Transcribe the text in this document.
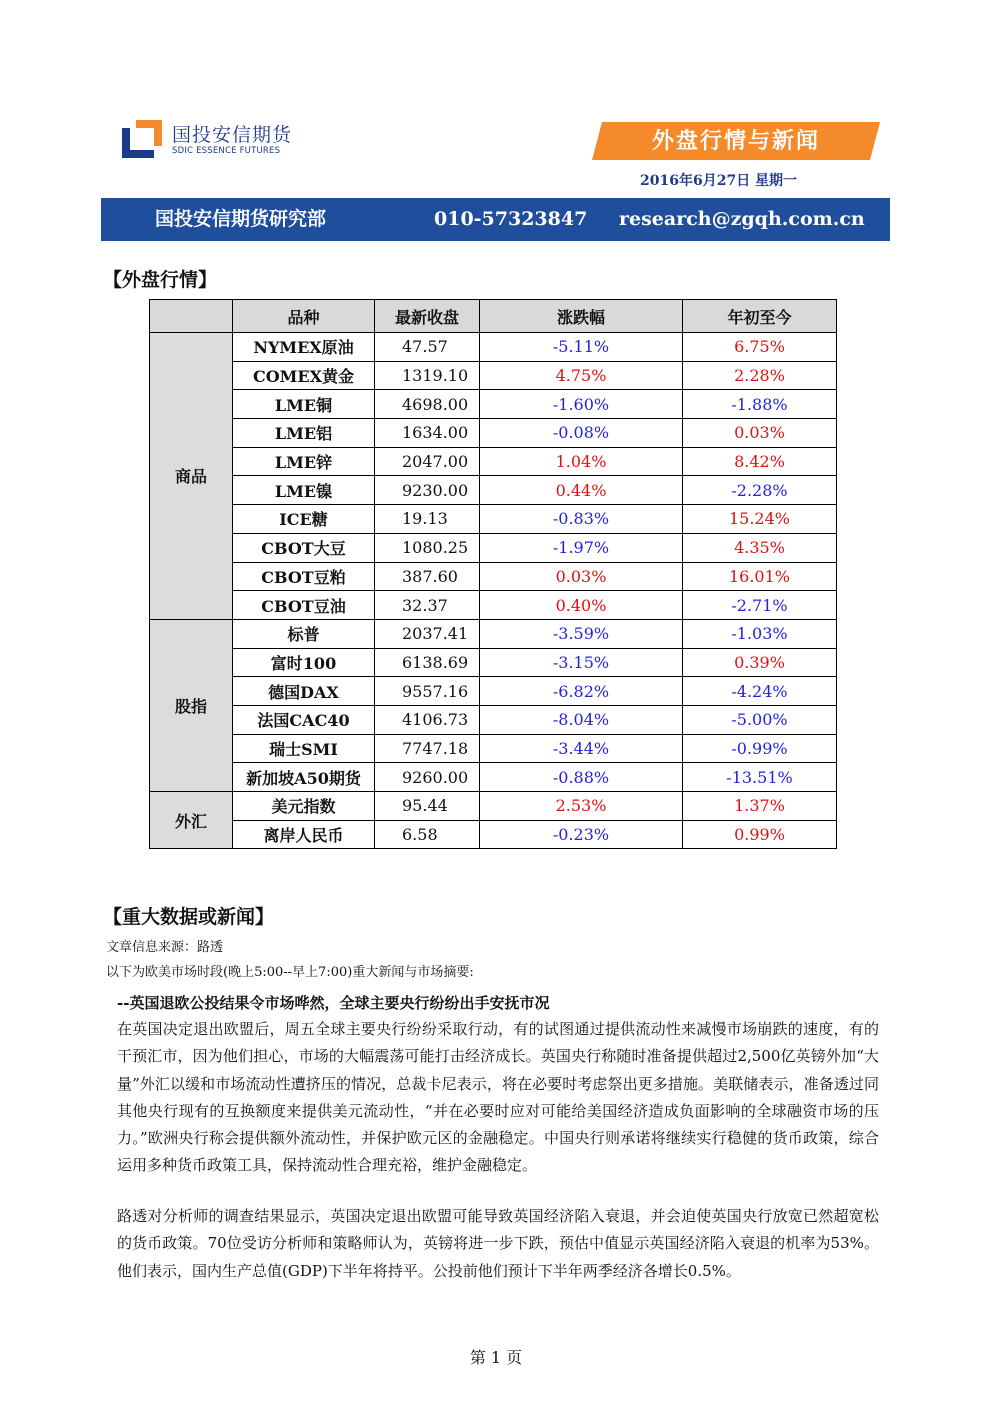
国投安信期货
SDIC ESSENCE FUTURES	外盘行情与新闻
2016年6月27日 星期一
国投安信期货研究部	010-57323847 research@zgqh.com.cn
【外盘行情】
	品种	最新收盘	涨跌幅	年初至今
商品	NYMEX原油	47.57	-5.11%	6.75%
	COMEX黄金	1319.10	4.75%	2.28%
	LME铜	4698.00	-1.60%	-1.88%
	LME铝	1634.00	-0.08%	0.03%
	LME锌	2047.00	1.04%	8.42%
	LME镍	9230.00	0.44%	-2.28%
	ICE糖	19.13	-0.83%	15.24%
	CBOT大豆	1080.25	-1.97%	4.35%
	CBOT豆粕	387.60	0.03%	16.01%
	CBOT豆油	32.37	0.40%	-2.71%
股指	标普	2037.41	-3.59%	-1.03%
	富时100	6138.69	-3.15%	0.39%
	德国DAX	9557.16	-6.82%	-4.24%
	法国CAC40	4106.73	-8.04%	-5.00%
	瑞士SMI	7747.18	-3.44%	-0.99%
	新加坡A50期货	9260.00	-0.88%	-13.51%
外汇	美元指数	95.44	2.53%	1.37%
	离岸人民币	6.58	-0.23%	0.99%
【重大数据或新闻】
文章信息来源：路透
以下为欧美市场时段(晚上5:00--早上7:00)重大新闻与市场摘要:
--英国退欧公投结果令市场哗然，全球主要央行纷纷出手安抚市况

在英国决定退出欧盟后，周五全球主要央行纷纷采取行动，有的试图通过提供流动性来减慢市场崩跌的速度，有的干预汇市，因为他们担心，市场的大幅震荡可能打击经济成长。英国央行称随时准备提供超过2,500亿英镑外加“大量”外汇以缓和市场流动性遭挤压的情况，总裁卡尼表示，将在必要时考虑祭出更多措施。美联储表示，准备透过同其他央行现有的互换额度来提供美元流动性，“并在必要时应对可能给美国经济造成负面影响的全球融资市场的压力。”欧洲央行称会提供额外流动性，并保护欧元区的金融稳定。中国央行则承诺将继续实行稳健的货币政策，综合运用多种货币政策工具，保持流动性合理充裕，维护金融稳定。

路透对分析师的调查结果显示，英国决定退出欧盟可能导致英国经济陷入衰退，并会迫使英国央行放宽已然超宽松的货币政策。70位受访分析师和策略师认为，英镑将进一步下跌，预估中值显示英国经济陷入衰退的机率为53%。他们表示，国内生产总值(GDP)下半年将持平。公投前他们预计下半年两季经济各增长0.5%。

第 1 页
